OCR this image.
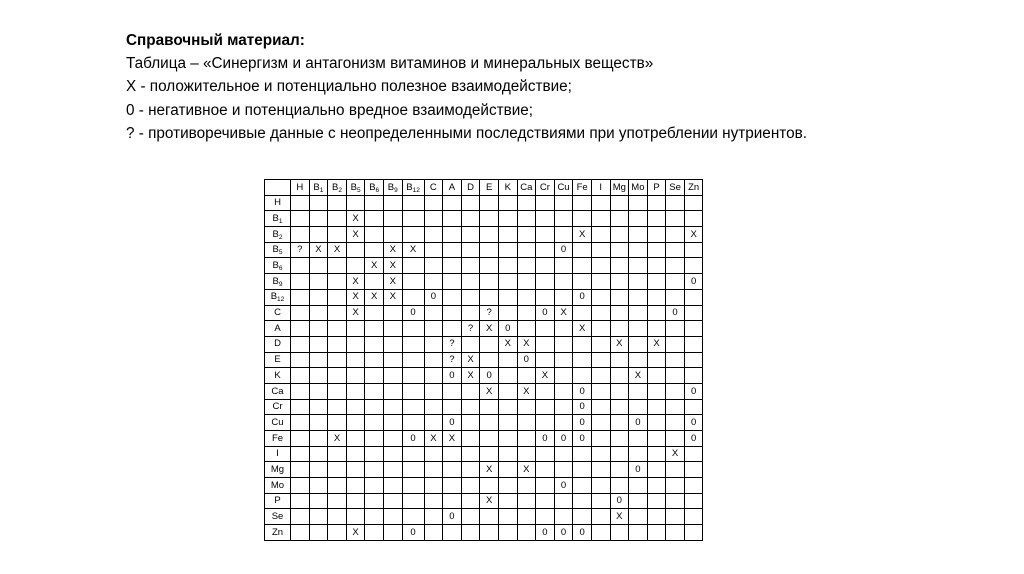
Справочный материал:

Таблица – «Синергизм и антагонизм витаминов и минеральных веществ»

Х - положительное и потенциально полезное взаимодействие;

0 - негативное и потенциально вредное взаимодействие;

? - противоречивые данные с неопределенными последствиями при употреблении нутриентов.

	H	$B_1$	$B_2$	$B_5$	$B_6$	$B_9$	$B_{12}$	C	A	D	E	K	Ca	Cr	Cu	Fe	I	Mg	Mo	P	Se	Zn
H																						
$B_1$				Х																		
$B_2$				Х												Х						Х
$B_5$	?	Х	Х			Х	Х								0							
$B_6$					Х	Х																
$B_9$				Х		Х																0
$B_{12}$				Х	Х	Х		0								0						
C				Х			0				?			0	Х						0	
A										?	Х	0				Х						
D									?			Х	Х					Х		Х		
E									?	Х			0									
K									0	Х	0			Х					Х			
Ca											Х		Х			0						0
Cr																0						
Cu									0							0			0			0
Fe			Х				0	Х	Х					0	0	0						0
I																					Х	
Mg											Х		Х						0			
Mo															0							
P											Х							0				
Se									0									Х				
Zn				Х			0							0	0	0						
